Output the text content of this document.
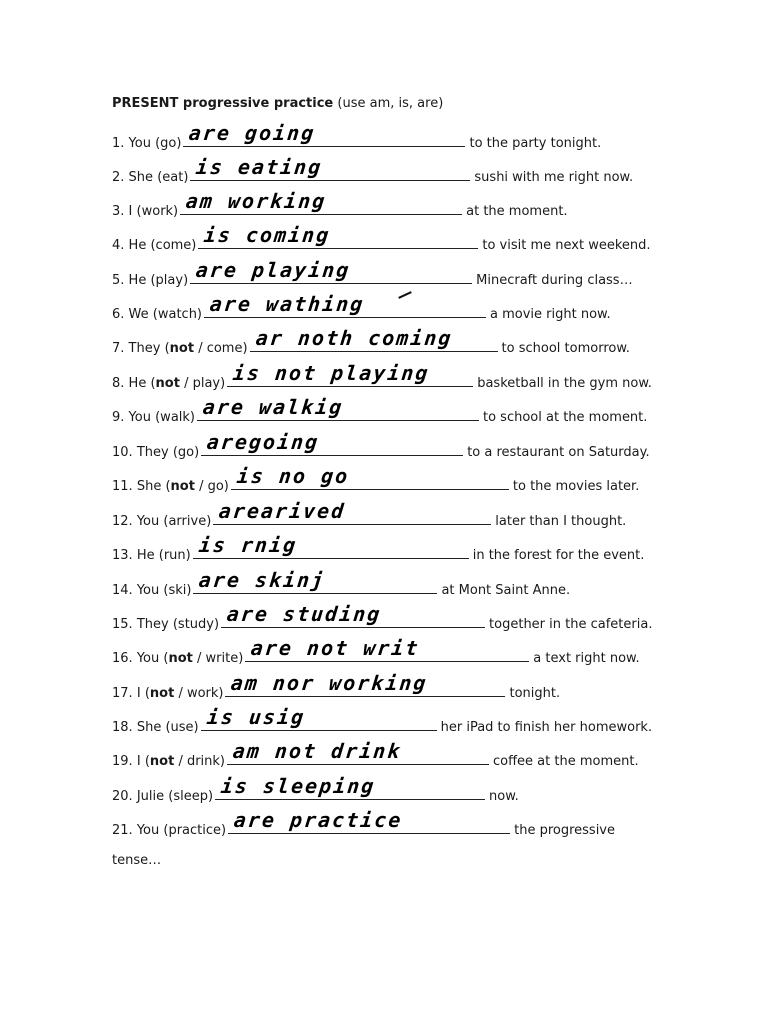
PRESENT progressive practice (use am, is, are)
1. You (go) are going	to the party tonight.
2. She (eat) is eating	sushi with me right now.
3. I (work) am working	at the moment.
4. He (come) is coming	to visit me next weekend.
5. He (play) are playing	Minecraft during class…
6. We (watch) are wathing	a movie right now.
7. They (not / come) ar noth coming	to school tomorrow.
8. He (not / play) is not playing	basketball in the gym now.
9. You (walk) are walkig	to school at the moment.
10. They (go) aregoing	to a restaurant on Saturday.
11. She (not / go) is no go	to the movies later.
12. You (arrive) arearived	later than I thought.
13. He (run) is rnig	in the forest for the event.
14. You (ski) are skinj	at Mont Saint Anne.
15. They (study) are studing	together in the cafeteria.
16. You (not / write) are not writ	a text right now.
17. I (not / work) am nor working	tonight.
18. She (use) is usig	her iPad to finish her homework.
19. I (not / drink) am not drink	coffee at the moment.
20. Julie (sleep) is sleeping	now.
21. You (practice) are practice	the progressive
tense…
